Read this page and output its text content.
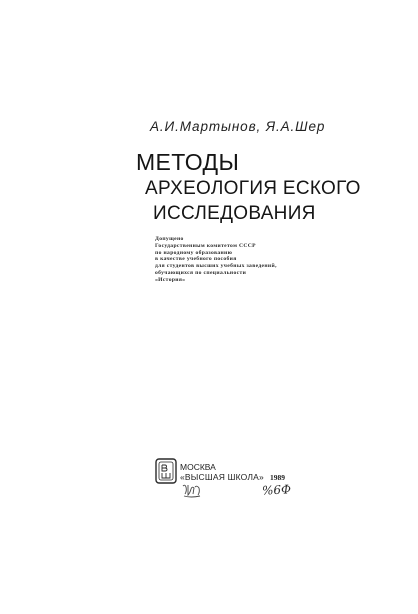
А.И.Мартынов, Я.А.Шер
МЕТОДЫ
АРХЕОЛОГИЯ ЕСКОГО
ИССЛЕДОВАНИЯ
Допущено
Государственным комитетом СССР
по народному образованию
в качестве учебного пособия
для студентов высших учебных заведений,
обучающихся по специальности
«История»
МОСКВА
«ВЫСШАЯ ШКОЛА» 1989
%6Ф
